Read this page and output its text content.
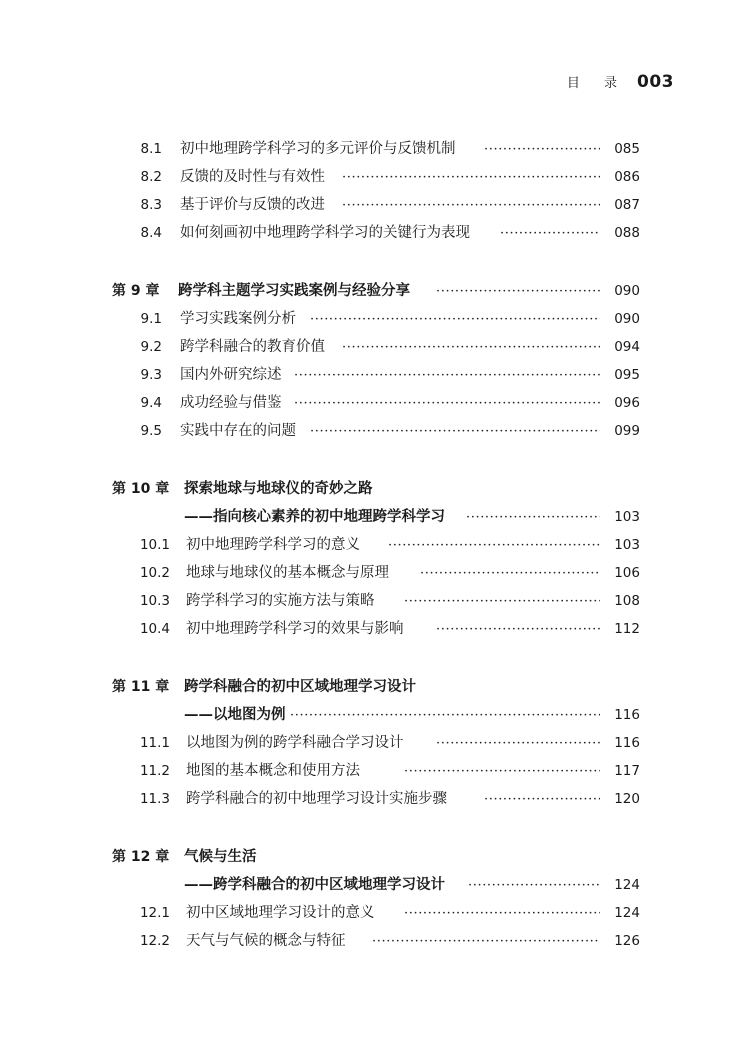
目 录 003
8.1 初中地理跨学科学习的多元评价与反馈机制 ·····	085
8.2 反馈的及时性与有效性 ·····	086
8.3 基于评价与反馈的改进 ·····	087
8.4 如何刻画初中地理跨学科学习的关键行为表现 ·····	088
第 9 章 跨学科主题学习实践案例与经验分享 ·····	090
9.1 学习实践案例分析 ·····	090
9.2 跨学科融合的教育价值 ·····	094
9.3 国内外研究综述 ·····	095
9.4 成功经验与借鉴 ·····	096
9.5 实践中存在的问题 ·····	099
第 10 章 探索地球与地球仪的奇妙之路
——指向核心素养的初中地理跨学科学习 ·····	103
10.1 初中地理跨学科学习的意义 ·····	103
10.2 地球与地球仪的基本概念与原理 ·····	106
10.3 跨学科学习的实施方法与策略 ·····	108
10.4 初中地理跨学科学习的效果与影响 ·····	112
第 11 章 跨学科融合的初中区域地理学习设计
——以地图为例 ·····	116
11.1 以地图为例的跨学科融合学习设计 ·····	116
11.2 地图的基本概念和使用方法 ·····	117
11.3 跨学科融合的初中地理学习设计实施步骤 ·····	120
第 12 章 气候与生活
——跨学科融合的初中区域地理学习设计 ·····	124
12.1 初中区域地理学习设计的意义 ·····	124
12.2 天气与气候的概念与特征 ·····	126
